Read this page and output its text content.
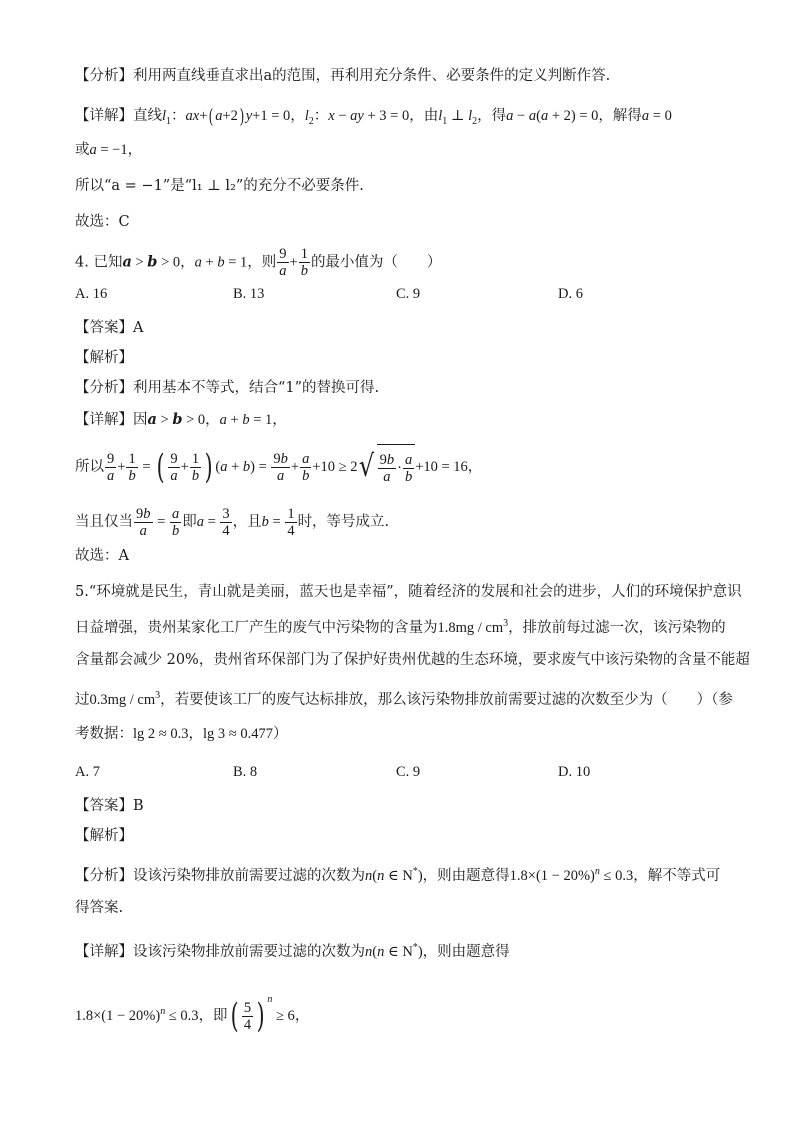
【分析】利用两直线垂直求出a的范围，再利用充分条件、必要条件的定义判断作答.
【详解】直线$l_1$：ax+( a+2) y+1 = 0，$l_2$：x − ay + 3 = 0，由$l_1$ ⊥ $l_2$，得a − a(a + 2) = 0，解得a = 0
或a = −1，
所以“a = −1”是“l₁ ⊥ l₂”的充分不必要条件.
故选：C
4. 已知a > b > 0，a + b = 1，则 $\frac{9}{a} + \frac{1}{b}$ 的最小值为（　　）
A. 16	B. 13	C. 9	D. 6
【答案】A
【解析】
【分析】利用基本不等式，结合“1”的替换可得.
【详解】因a > b > 0，a + b = 1，
所以 $\frac{9}{a} + \frac{1}{b}$ = ( $\frac{9}{a} + \frac{1}{b}$ ) $(a + b) = \frac{9b}{a} + \frac{a}{b} +10 \ge 2√ \frac{9b}{a} \cdot \frac{a}{b} +10 = 16$，
当且仅当 $\frac{9b}{a} = \frac{a}{b}$ 即$a = \frac{3}{4}$ ，且$b = \frac{1}{4}$ 时，等号成立.
故选：A
5.“环境就是民生，青山就是美丽，蓝天也是幸福”，随着经济的发展和社会的进步，人们的环境保护意识
日益增强，贵州某家化工厂产生的废气中污染物的含量为$1.8mg / cm^3$，排放前每过滤一次，该污染物的
含量都会减少 20%，贵州省环保部门为了保护好贵州优越的生态环境，要求废气中该污染物的含量不能超
过$0.3mg / cm^3$，若要使该工厂的废气达标排放，那么该污染物排放前需要过滤的次数至少为（　　）（参
考数据：lg 2 ≈ 0.3，lg 3 ≈ 0.477）
A. 7	B. 8	C. 9	D. 10
【答案】B
【解析】
【分析】设该污染物排放前需要过滤的次数为n(n ∈ N*)，则由题意得$1.8\times(1 - 20\%)^n \le 0.3$，解不等式可
得答案.
【详解】设该污染物排放前需要过滤的次数为n(n ∈ N*)，则由题意得
$1.8\times(1 - 20\%)^n \le 0.3$，即( $\frac{5}{4}$ ) $^n$ ≥ 6，
